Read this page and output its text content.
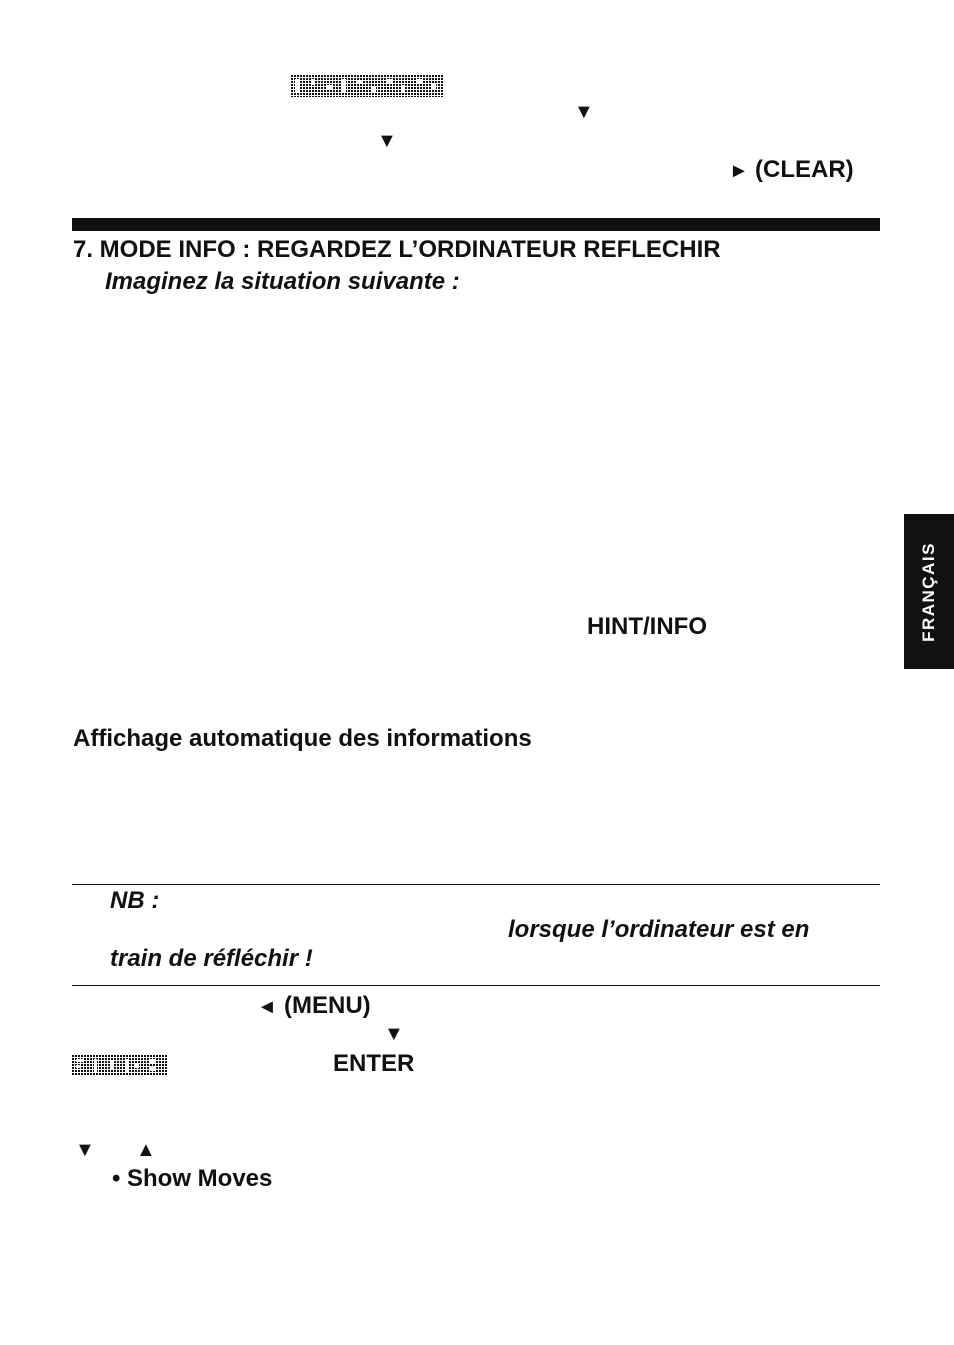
▼
▼
► (CLEAR)
7. MODE INFO : REGARDEZ L’ORDINATEUR REFLECHIR
Imaginez la situation suivante :
HINT/INFO
Affichage automatique des informations
NB :
lorsque l’ordinateur est en
train de réfléchir !
◄ (MENU)
▼
ENTER
▼ ▲
• Show Moves
FRANÇAIS
